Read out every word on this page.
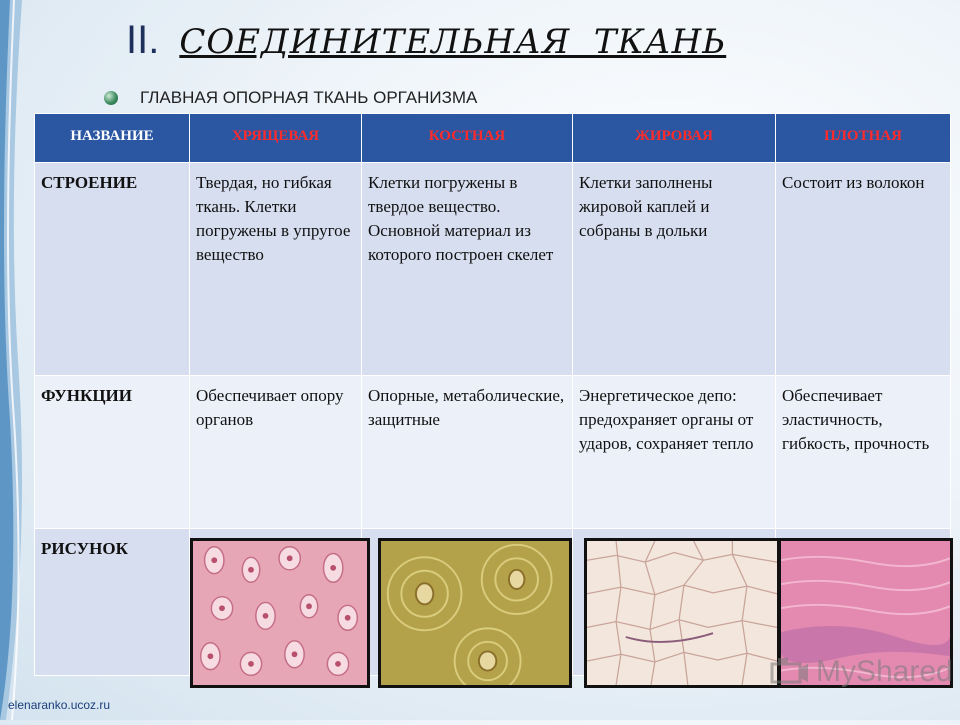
II. СОЕДИНИТЕЛЬНАЯ  ТКАНЬ
ГЛАВНАЯ ОПОРНАЯ ТКАНЬ ОРГАНИЗМА
НАЗВАНИЕ	ХРЯЩЕВАЯ	КОСТНАЯ	ЖИРОВАЯ	ПЛОТНАЯ
СТРОЕНИЕ	Твердая, но гибкая ткань. Клетки погружены в упругое вещество	Клетки погружены в твердое вещество. Основной материал из которого построен скелет	Клетки заполнены жировой каплей и собраны в дольки	Состоит из волокон
ФУНКЦИИ	Обеспечивает опору органов	Опорные, метаболические, защитные	Энергетическое депо: предохраняет органы от ударов, сохраняет тепло	Обеспечивает эластичность, гибкость, прочность
РИСУНОК				
elenaranko.ucoz.ru
MyShared
